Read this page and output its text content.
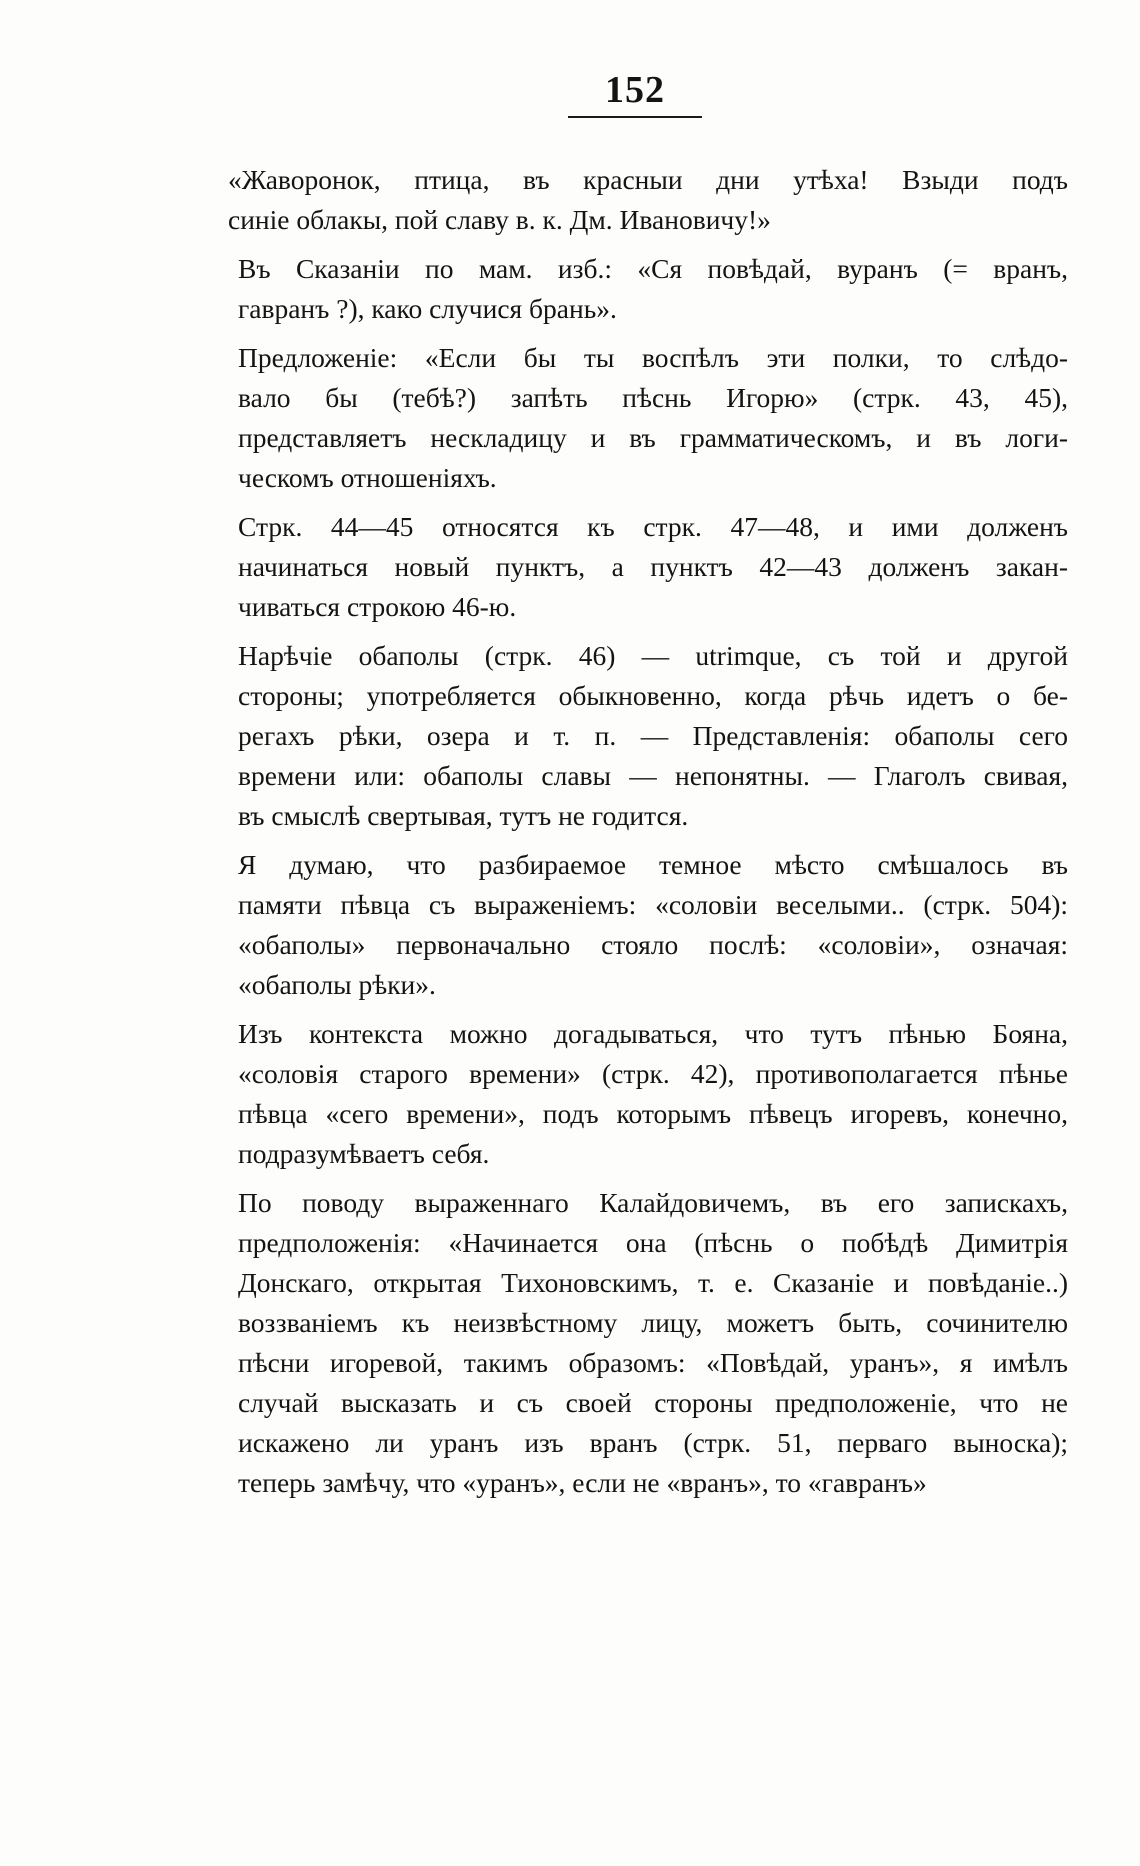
152

«Жаворонок, птица, въ красныи дни утѣха! Взыди подъ
синіе облакы, пой славу в. к. Дм. Ивановичу!»

Въ Сказаніи по мам. изб.: «Ся повѣдай, вуранъ (= вранъ,
гавранъ ?), како случися брань».

Предложеніе: «Если бы ты воспѣлъ эти полки, то слѣдо-
вало бы (тебѣ?) запѣть пѣснь Игорю» (стрк. 43, 45),
представляетъ нескладицу и въ грамматическомъ, и въ логи-
ческомъ отношеніяхъ.

Стрк. 44—45 относятся къ стрк. 47—48, и ими долженъ
начинаться новый пунктъ, а пунктъ 42—43 долженъ закан-
чиваться строкою 46-ю.

Нарѣчіе обаполы (стрк. 46) — utrimque, съ той и другой
стороны; употребляется обыкновенно, когда рѣчь идетъ о бе-
регахъ рѣки, озера и т. п. — Представленія: обаполы сего
времени или: обаполы славы — непонятны. — Глаголъ свивая,
въ смыслѣ свертывая, тутъ не годится.

Я думаю, что разбираемое темное мѣсто смѣшалось въ
памяти пѣвца съ выраженіемъ: «соловіи веселыми.. (стрк. 504):
«обаполы» первоначально стояло послѣ: «соловіи», означая:
«обаполы рѣки».

Изъ контекста можно догадываться, что тутъ пѣнью Бояна,
«соловія старого времени» (стрк. 42), противополагается пѣнье
пѣвца «сего времени», подъ которымъ пѣвецъ игоревъ, конечно,
подразумѣваетъ себя.

По поводу выраженнаго Калайдовичемъ, въ его запискахъ,
предположенія: «Начинается она (пѣснь о побѣдѣ Димитрія
Донскаго, открытая Тихоновскимъ, т. е. Сказаніе и повѣданіе..)
воззваніемъ къ неизвѣстному лицу, можетъ быть, сочинителю
пѣсни игоревой, такимъ образомъ: «Повѣдай, уранъ», я имѣлъ
случай высказать и съ своей стороны предположеніе, что не
искажено ли уранъ изъ вранъ (стрк. 51, перваго выноска);
теперь замѣчу, что «уранъ», если не «вранъ», то «гавранъ»
